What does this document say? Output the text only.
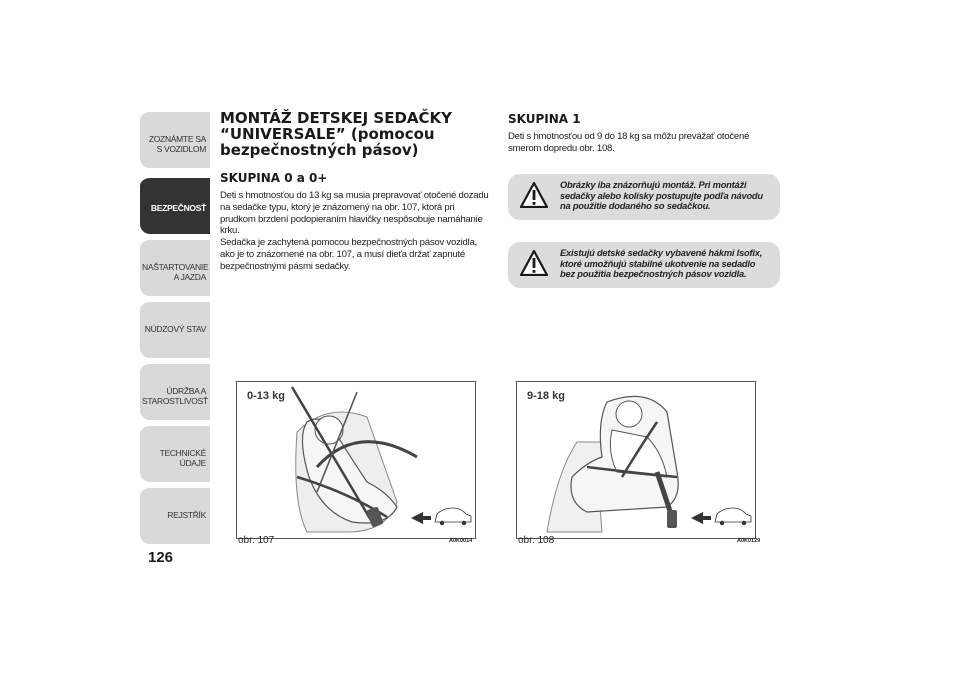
ZOZNÁMTE SA S VOZIDLOM
BEZPEČNOSŤ
NAŠTARTOVANIE A JAZDA
NÚDZOVÝ STAV
ÚDRŽBA A STAROSTLIVOSŤ
TECHNICKÉ ÚDAJE
REJSTŘÍK
126
MONTÁŽ DETSKEJ SEDAČKY “UNIVERSALE” (pomocou bezpečnostných pásov)
SKUPINA 0 a 0+

Deti s hmotnosťou do 13 kg sa musia prepravovať otočené dozadu na sedačke typu, ktorý je znázornený na obr. 107, ktorá pri prudkom brzdení podopieraním hlavičky nespôsobuje namáhanie krku.

Sedačka je zachytená pomocou bezpečnostných pásov vozidla, ako je to znázornené na obr. 107, a musí dieťa držať zapnuté bezpečnostnými pásmi sedačky.

SKUPINA 1

Deti s hmotnosťou od 9 do 18 kg sa môžu prevážať otočené smerom dopredu obr. 108.

Obrázky iba znázorňujú montáž. Pri montáži sedačky alebo kolísky postupujte podľa návodu na použitie dodaného so sedačkou.
Existujú detské sedačky vybavené hákmi Isofix, ktoré umožňujú stabilné ukotvenie na sedadlo bez použitia bezpečnostných pásov vozidla.
0-13 kg
obr. 107	A0K0014
9-18 kg
obr. 108	A0K0129
